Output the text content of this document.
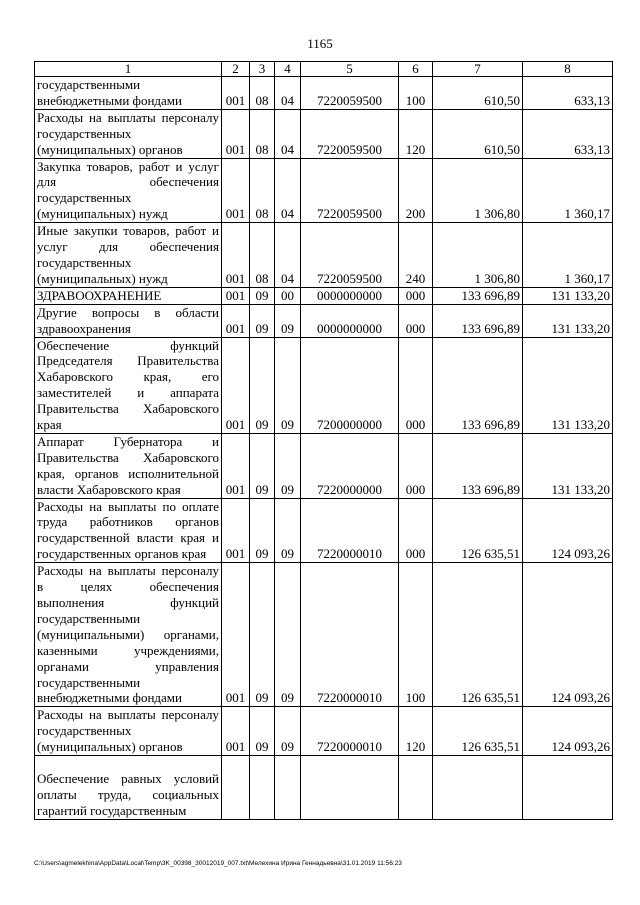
1165
1	2	3	4	5	6	7	8
государственными внебюджетными фондами	001	08	04	7220059500	100	610,50	633,13
Расходы на выплаты персоналу государственных (муниципальных) органов	001	08	04	7220059500	120	610,50	633,13
Закупка товаров, работ и услуг для обеспечения государственных (муниципальных) нужд	001	08	04	7220059500	200	1 306,80	1 360,17
Иные закупки товаров, работ и услуг для обеспечения государственных (муниципальных) нужд	001	08	04	7220059500	240	1 306,80	1 360,17
ЗДРАВООХРАНЕНИЕ	001	09	00	0000000000	000	133 696,89	131 133,20
Другие вопросы в области здравоохранения	001	09	09	0000000000	000	133 696,89	131 133,20
Обеспечение функций Председателя Правительства Хабаровского края, его заместителей и аппарата Правительства Хабаровского края	001	09	09	7200000000	000	133 696,89	131 133,20
Аппарат Губернатора и Правительства Хабаровского края, органов исполнительной власти Хабаровского края	001	09	09	7220000000	000	133 696,89	131 133,20
Расходы на выплаты по оплате труда работников органов государственной власти края и государственных органов края	001	09	09	7220000010	000	126 635,51	124 093,26
Расходы на выплаты персоналу в целях обеспечения выполнения функций государственными (муниципальными) органами, казенными учреждениями, органами управления государственными внебюджетными фондами	001	09	09	7220000010	100	126 635,51	124 093,26
Расходы на выплаты персоналу государственных (муниципальных) органов	001	09	09	7220000010	120	126 635,51	124 093,26
Обеспечение равных условий оплаты труда, социальных гарантий государственным							
C:\Users\agmelekhina\AppData\Local\Temp\3K_00398_30012019_007.txt\Мелехина Ирина Геннадьевна\31.01.2019 11:56:23
